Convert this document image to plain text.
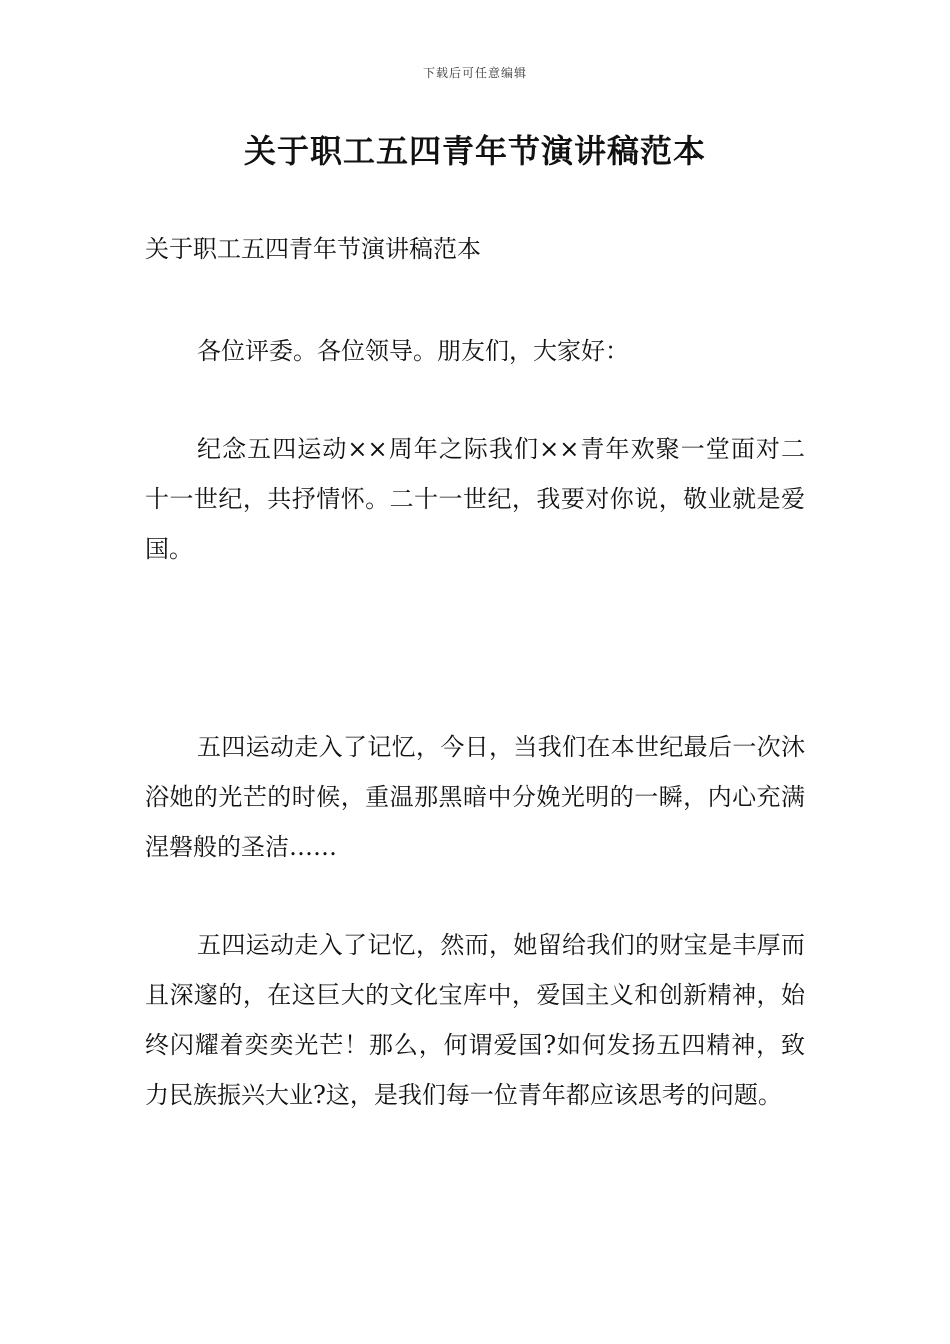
下载后可任意编辑
关于职工五四青年节演讲稿范本
关于职工五四青年节演讲稿范本

各位评委。各位领导。朋友们，大家好：

纪念五四运动××周年之际我们××青年欢聚一堂面对二十一世纪，共抒情怀。二十一世纪，我要对你说，敬业就是爱国。

五四运动走入了记忆，今日，当我们在本世纪最后一次沐浴她的光芒的时候，重温那黑暗中分娩光明的一瞬，内心充满涅磐般的圣洁……

五四运动走入了记忆，然而，她留给我们的财宝是丰厚而且深邃的，在这巨大的文化宝库中，爱国主义和创新精神，始终闪耀着奕奕光芒！那么，何谓爱国?如何发扬五四精神，致力民族振兴大业?这，是我们每一位青年都应该思考的问题。
